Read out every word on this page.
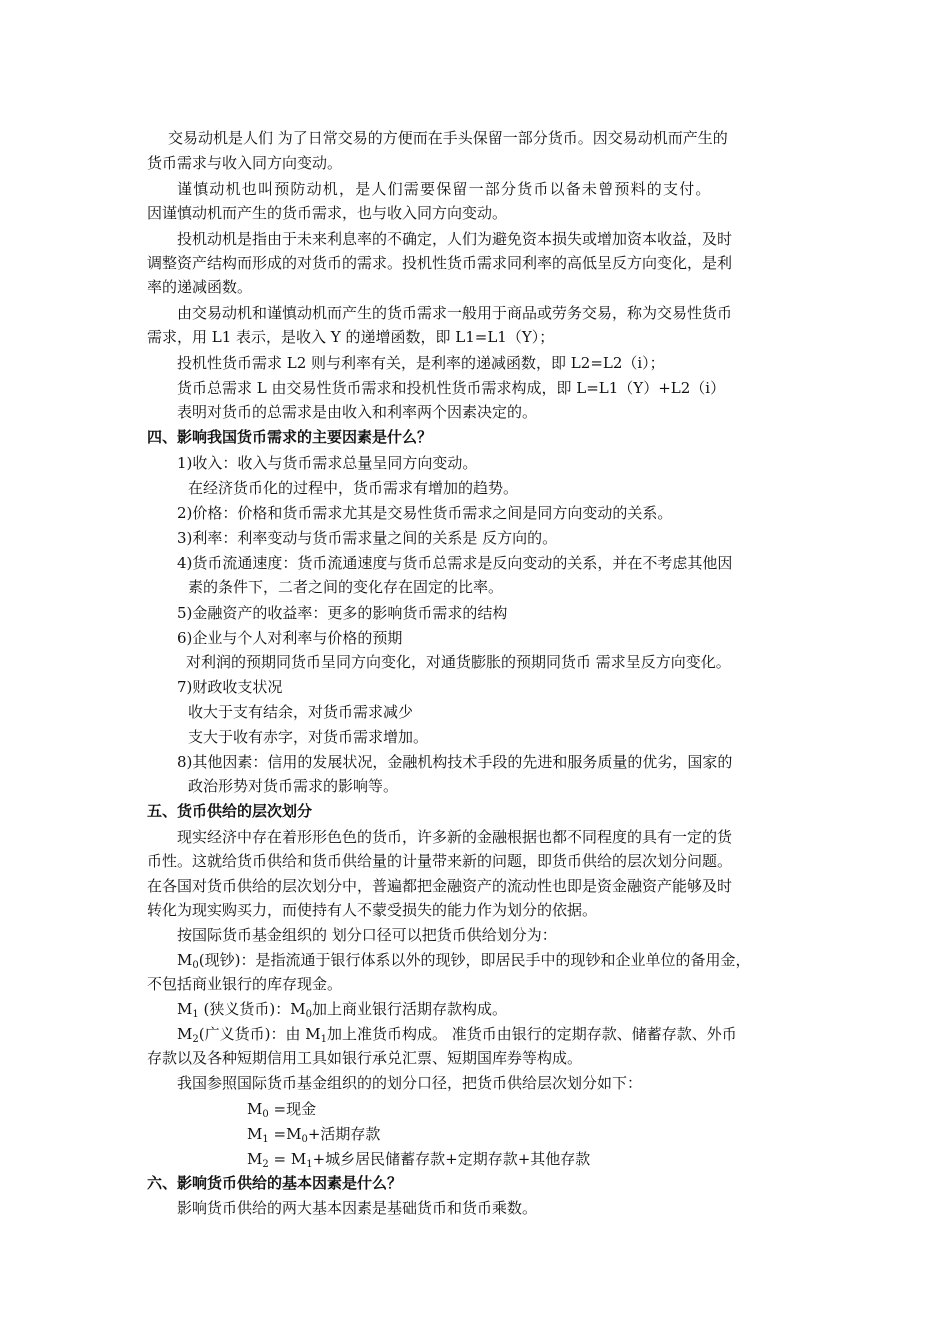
交易动机是人们 为了日常交易的方便而在手头保留一部分货币。因交易动机而产生的
货币需求与收入同方向变动。
谨慎动机也叫预防动机，是人们需要保留一部分货币以备未曾预料的支付。
因谨慎动机而产生的货币需求，也与收入同方向变动。
投机动机是指由于未来利息率的不确定，人们为避免资本损失或增加资本收益，及时
调整资产结构而形成的对货币的需求。投机性货币需求同利率的高低呈反方向变化，是利
率的递减函数。
由交易动机和谨慎动机而产生的货币需求一般用于商品或劳务交易，称为交易性货币
需求，用 L1 表示，是收入 Y 的递增函数，即 L1=L1（Y）；
投机性货币需求 L2 则与利率有关，是利率的递减函数，即 L2=L2（i）；
货币总需求 L 由交易性货币需求和投机性货币需求构成，即 L=L1（Y）+L2（i）
表明对货币的总需求是由收入和利率两个因素决定的。
四、影响我国货币需求的主要因素是什么？
1)收入：收入与货币需求总量呈同方向变动。
在经济货币化的过程中，货币需求有增加的趋势。
2)价格：价格和货币需求尤其是交易性货币需求之间是同方向变动的关系。
3)利率：利率变动与货币需求量之间的关系是 反方向的。
4)货币流通速度：货币流通速度与货币总需求是反向变动的关系，并在不考虑其他因
素的条件下，二者之间的变化存在固定的比率。
5)金融资产的收益率：更多的影响货币需求的结构
6)企业与个人对利率与价格的预期
对利润的预期同货币呈同方向变化，对通货膨胀的预期同货币 需求呈反方向变化。
7)财政收支状况
收大于支有结余，对货币需求减少
支大于收有赤字，对货币需求增加。
8)其他因素：信用的发展状况，金融机构技术手段的先进和服务质量的优劣，国家的
政治形势对货币需求的影响等。
五、货币供给的层次划分
现实经济中存在着形形色色的货币，许多新的金融根据也都不同程度的具有一定的货
币性。这就给货币供给和货币供给量的计量带来新的问题，即货币供给的层次划分问题。
在各国对货币供给的层次划分中，普遍都把金融资产的流动性也即是资金融资产能够及时
转化为现实购买力，而使持有人不蒙受损失的能力作为划分的依据。
按国际货币基金组织的 划分口径可以把货币供给划分为：
$M_0$(现钞)：是指流通于银行体系以外的现钞，即居民手中的现钞和企业单位的备用金，
不包括商业银行的库存现金。
$M_1$ (狭义货币)：$M_0$加上商业银行活期存款构成。
$M_2$(广义货币)：由 $M_1$加上准货币构成。 准货币由银行的定期存款、储蓄存款、外币
存款以及各种短期信用工具如银行承兑汇票、短期国库券等构成。
我国参照国际货币基金组织的的划分口径，把货币供给层次划分如下：
$M_0$ =现金
$M_1 =M_0+$活期存款
$M_2 = M_1+$城乡居民储蓄存款+定期存款+其他存款
六、影响货币供给的基本因素是什么？
影响货币供给的两大基本因素是基础货币和货币乘数。
